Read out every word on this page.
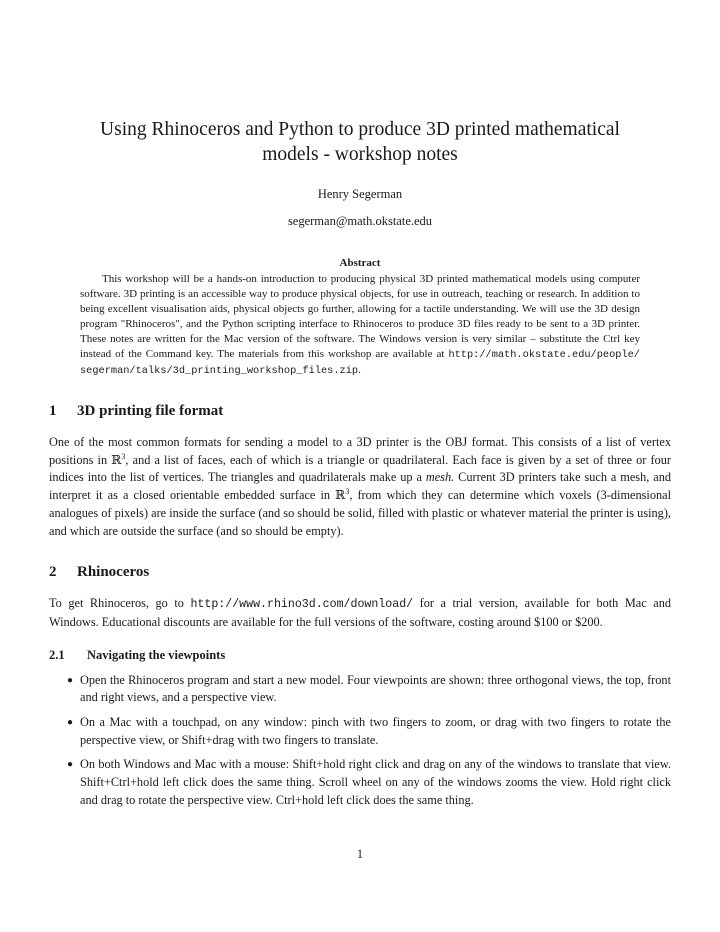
Using Rhinoceros and Python to produce 3D printed mathematical
models - workshop notes
Henry Segerman
segerman@math.okstate.edu
Abstract

This workshop will be a hands-on introduction to producing physical 3D printed mathematical models using computer software. 3D printing is an accessible way to produce physical objects, for use in outreach, teaching or research. In addition to being excellent visualisation aids, physical objects go further, allowing for a tactile understanding. We will use the 3D design program "Rhinoceros", and the Python scripting interface to Rhinoceros to produce 3D files ready to be sent to a 3D printer. These notes are written for the Mac version of the software. The Windows version is very similar – substitute the Ctrl key instead of the Command key. The materials from this workshop are available at http://math.okstate.edu/people/ segerman/talks/3d_printing_workshop_files.zip.

1 3D printing file format

One of the most common formats for sending a model to a 3D printer is the OBJ format. This consists of a list of vertex positions in ℝ$^3$, and a list of faces, each of which is a triangle or quadrilateral. Each face is given by a set of three or four indices into the list of vertices. The triangles and quadrilaterals make up a mesh. Current 3D printers take such a mesh, and interpret it as a closed orientable embedded surface in ℝ$^3$, from which they can determine which voxels (3-dimensional analogues of pixels) are inside the surface (and so should be solid, filled with plastic or whatever material the printer is using), and which are outside the surface (and so should be empty).

2 Rhinoceros

To get Rhinoceros, go to http://www.rhino3d.com/download/ for a trial version, available for both Mac and Windows. Educational discounts are available for the full versions of the software, costing around $100 or $200.

2.1 Navigating the viewpoints
● Open the Rhinoceros program and start a new model. Four viewpoints are shown: three orthogonal views, the top, front and right views, and a perspective view.
● On a Mac with a touchpad, on any window: pinch with two fingers to zoom, or drag with two fingers to rotate the perspective view, or Shift+drag with two fingers to translate.
● On both Windows and Mac with a mouse: Shift+hold right click and drag on any of the windows to translate that view. Shift+Ctrl+hold left click does the same thing. Scroll wheel on any of the windows zooms the view. Hold right click and drag to rotate the perspective view. Ctrl+hold left click does the same thing.
1
